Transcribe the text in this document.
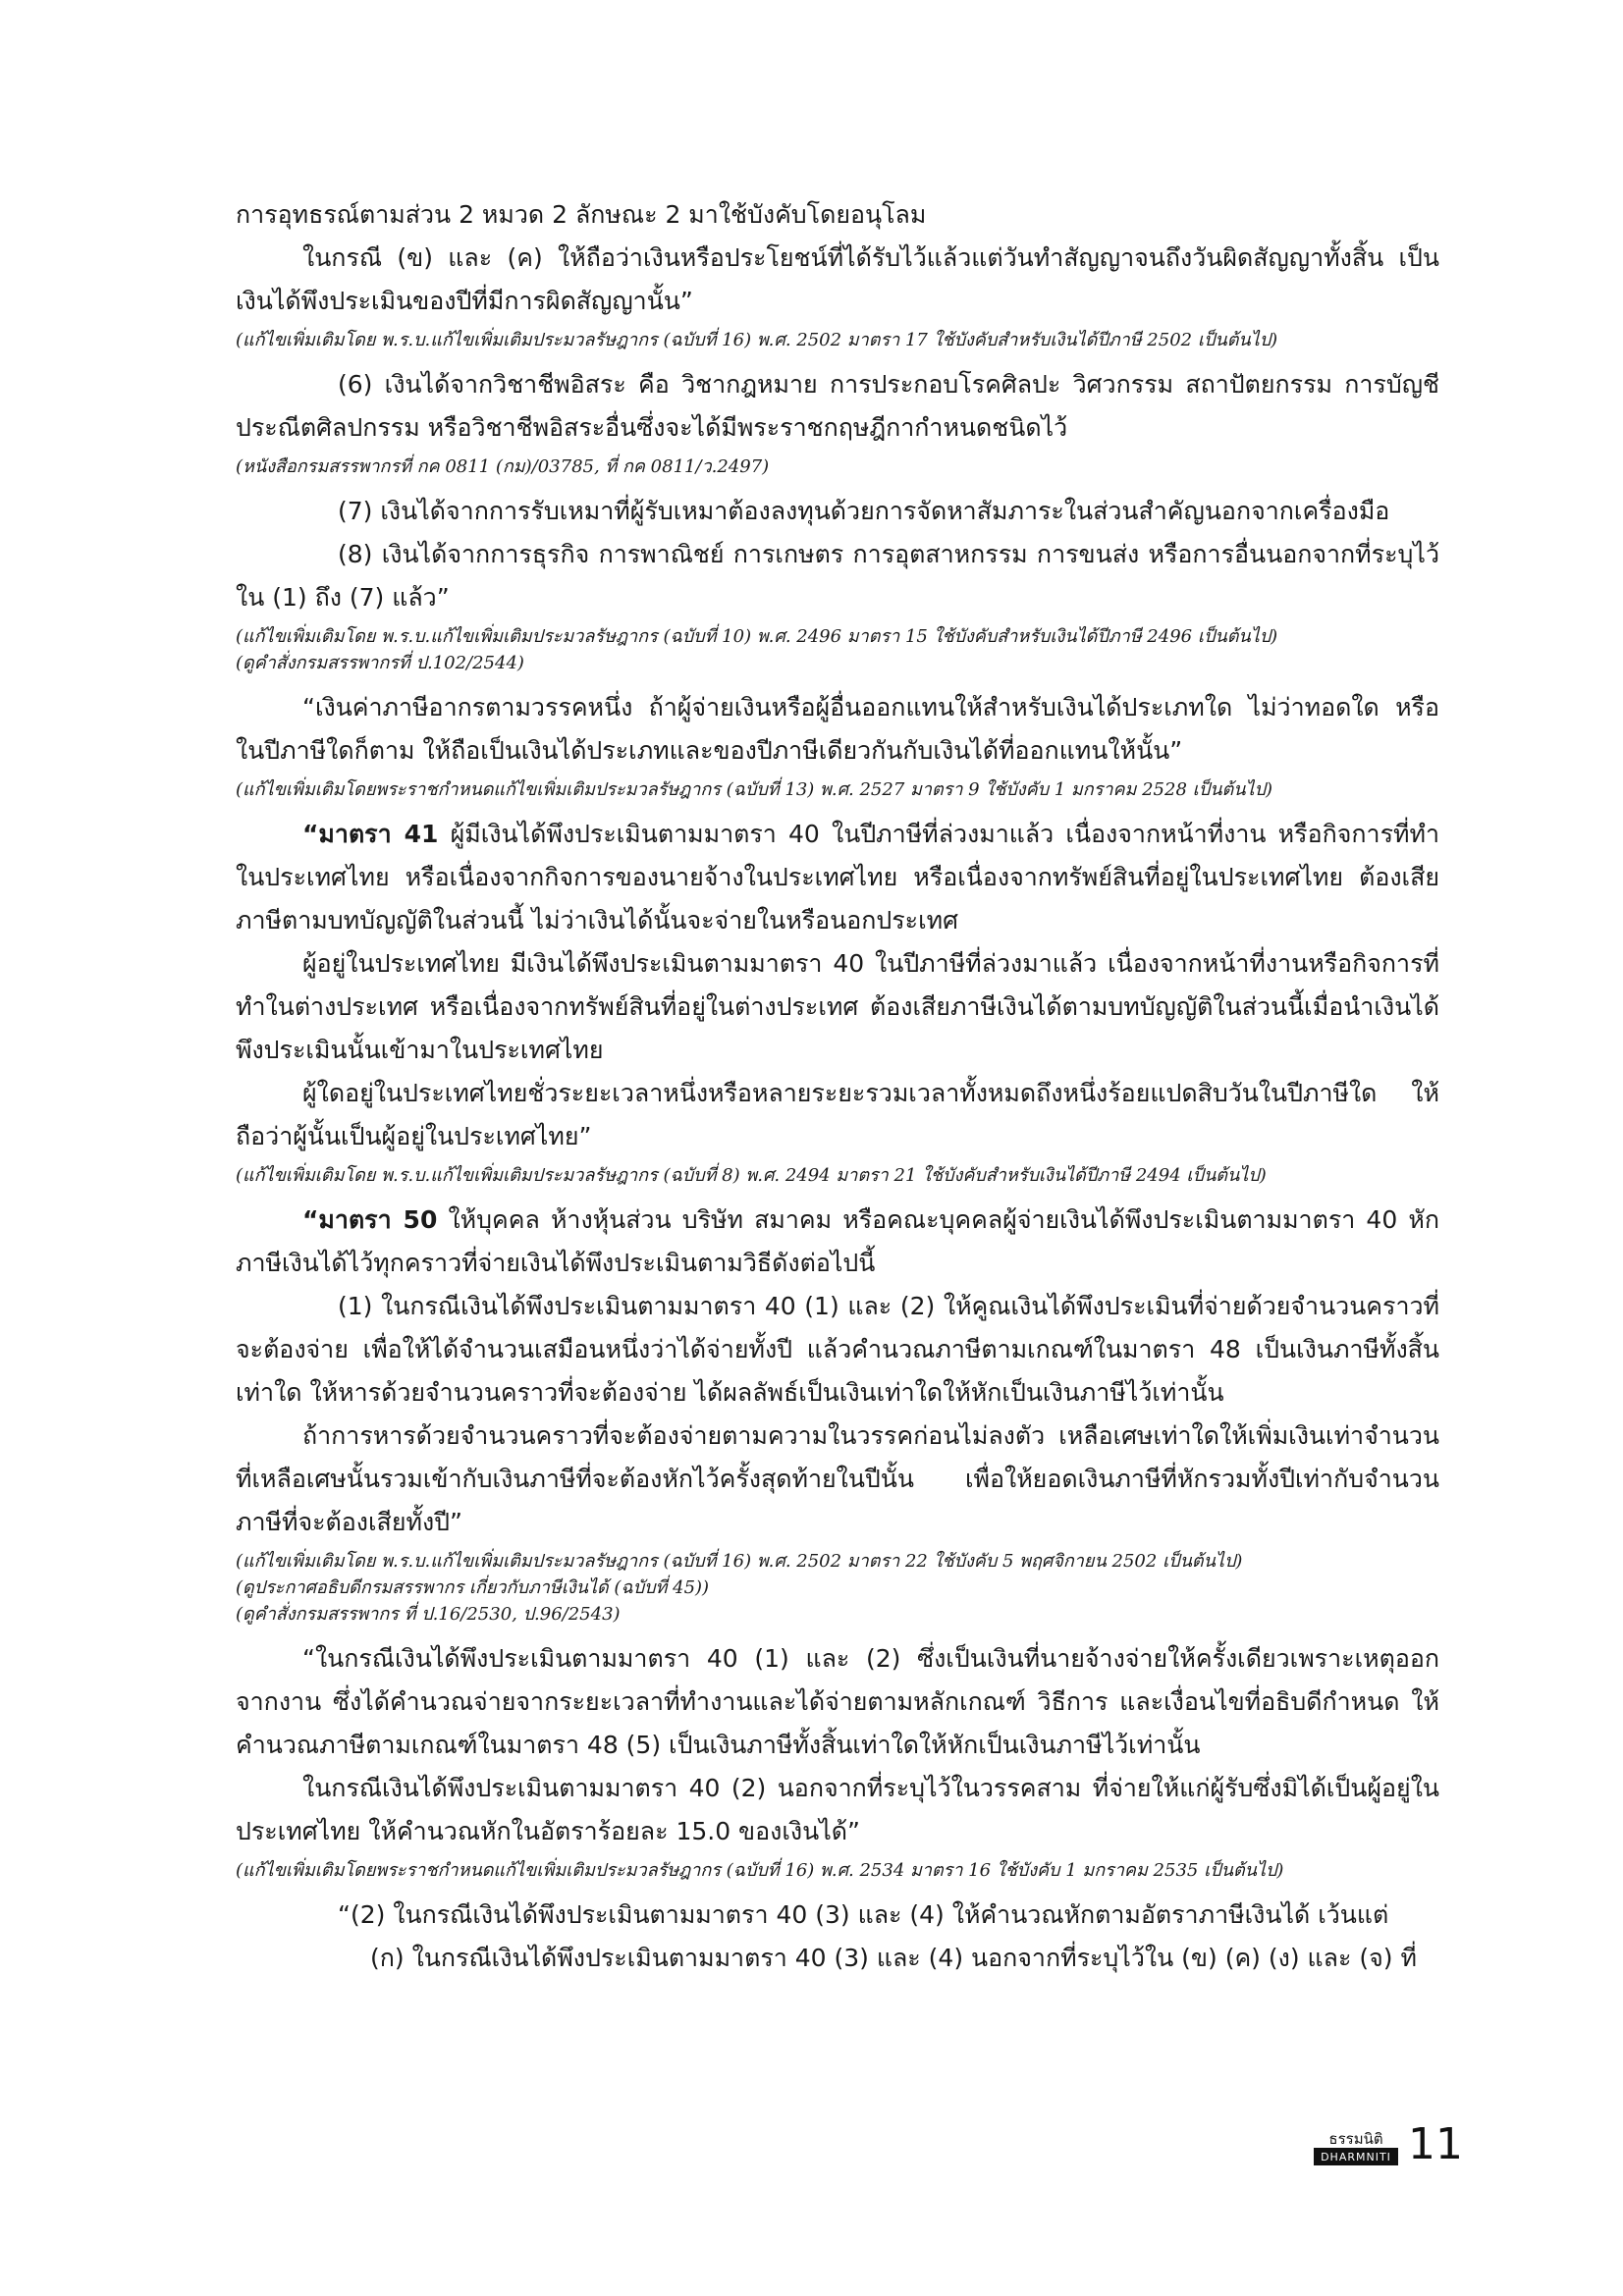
การอุทธรณ์ตามส่วน 2 หมวด 2 ลักษณะ 2 มาใช้บังคับโดยอนุโลม

ในกรณี (ข) และ (ค) ให้ถือว่าเงินหรือประโยชน์ที่ได้รับไว้แล้วแต่วันทำสัญญาจนถึงวันผิดสัญญาทั้งสิ้น เป็นเงินได้พึงประเมินของปีที่มีการผิดสัญญานั้น”

(แก้ไขเพิ่มเติมโดย พ.ร.บ.แก้ไขเพิ่มเติมประมวลรัษฎากร (ฉบับที่ 16) พ.ศ. 2502 มาตรา 17 ใช้บังคับสำหรับเงินได้ปีภาษี 2502 เป็นต้นไป)

(6) เงินได้จากวิชาชีพอิสระ คือ วิชากฎหมาย การประกอบโรคศิลปะ วิศวกรรม สถาปัตยกรรม การบัญชี ประณีตศิลปกรรม หรือวิชาชีพอิสระอื่นซึ่งจะได้มีพระราชกฤษฎีกากำหนดชนิดไว้

(หนังสือกรมสรรพากรที่ กค 0811 (กม)/03785, ที่ กค 0811/ว.2497)

(7) เงินได้จากการรับเหมาที่ผู้รับเหมาต้องลงทุนด้วยการจัดหาสัมภาระในส่วนสำคัญนอกจากเครื่องมือ

(8) เงินได้จากการธุรกิจ การพาณิชย์ การเกษตร การอุตสาหกรรม การขนส่ง หรือการอื่นนอกจากที่ระบุไว้ใน (1) ถึง (7) แล้ว”

(แก้ไขเพิ่มเติมโดย พ.ร.บ.แก้ไขเพิ่มเติมประมวลรัษฎากร (ฉบับที่ 10) พ.ศ. 2496 มาตรา 15 ใช้บังคับสำหรับเงินได้ปีภาษี 2496 เป็นต้นไป)
(ดูคำสั่งกรมสรรพากรที่ ป.102/2544)

“เงินค่าภาษีอากรตามวรรคหนึ่ง ถ้าผู้จ่ายเงินหรือผู้อื่นออกแทนให้สำหรับเงินได้ประเภทใด ไม่ว่าทอดใด หรือในปีภาษีใดก็ตาม ให้ถือเป็นเงินได้ประเภทและของปีภาษีเดียวกันกับเงินได้ที่ออกแทนให้นั้น”

(แก้ไขเพิ่มเติมโดยพระราชกำหนดแก้ไขเพิ่มเติมประมวลรัษฎากร (ฉบับที่ 13) พ.ศ. 2527 มาตรา 9 ใช้บังคับ 1 มกราคม 2528 เป็นต้นไป)

“มาตรา 41 ผู้มีเงินได้พึงประเมินตามมาตรา 40 ในปีภาษีที่ล่วงมาแล้ว เนื่องจากหน้าที่งาน หรือกิจการที่ทำในประเทศไทย หรือเนื่องจากกิจการของนายจ้างในประเทศไทย หรือเนื่องจากทรัพย์สินที่อยู่ในประเทศไทย ต้องเสียภาษีตามบทบัญญัติในส่วนนี้ ไม่ว่าเงินได้นั้นจะจ่ายในหรือนอกประเทศ

ผู้อยู่ในประเทศไทย มีเงินได้พึงประเมินตามมาตรา 40 ในปีภาษีที่ล่วงมาแล้ว เนื่องจากหน้าที่งานหรือกิจการที่ทำในต่างประเทศ หรือเนื่องจากทรัพย์สินที่อยู่ในต่างประเทศ ต้องเสียภาษีเงินได้ตามบทบัญญัติในส่วนนี้เมื่อนำเงินได้พึงประเมินนั้นเข้ามาในประเทศไทย

ผู้ใดอยู่ในประเทศไทยชั่วระยะเวลาหนึ่งหรือหลายระยะรวมเวลาทั้งหมดถึงหนึ่งร้อยแปดสิบวันในปีภาษีใด ให้ถือว่าผู้นั้นเป็นผู้อยู่ในประเทศไทย”

(แก้ไขเพิ่มเติมโดย พ.ร.บ.แก้ไขเพิ่มเติมประมวลรัษฎากร (ฉบับที่ 8) พ.ศ. 2494 มาตรา 21 ใช้บังคับสำหรับเงินได้ปีภาษี 2494 เป็นต้นไป)

“มาตรา 50 ให้บุคคล ห้างหุ้นส่วน บริษัท สมาคม หรือคณะบุคคลผู้จ่ายเงินได้พึงประเมินตามมาตรา 40 หักภาษีเงินได้ไว้ทุกคราวที่จ่ายเงินได้พึงประเมินตามวิธีดังต่อไปนี้

(1) ในกรณีเงินได้พึงประเมินตามมาตรา 40 (1) และ (2) ให้คูณเงินได้พึงประเมินที่จ่ายด้วยจำนวนคราวที่จะต้องจ่าย เพื่อให้ได้จำนวนเสมือนหนึ่งว่าได้จ่ายทั้งปี แล้วคำนวณภาษีตามเกณฑ์ในมาตรา 48 เป็นเงินภาษีทั้งสิ้นเท่าใด ให้หารด้วยจำนวนคราวที่จะต้องจ่าย ได้ผลลัพธ์เป็นเงินเท่าใดให้หักเป็นเงินภาษีไว้เท่านั้น

ถ้าการหารด้วยจำนวนคราวที่จะต้องจ่ายตามความในวรรคก่อนไม่ลงตัว เหลือเศษเท่าใดให้เพิ่มเงินเท่าจำนวนที่เหลือเศษนั้นรวมเข้ากับเงินภาษีที่จะต้องหักไว้ครั้งสุดท้ายในปีนั้น เพื่อให้ยอดเงินภาษีที่หักรวมทั้งปีเท่ากับจำนวนภาษีที่จะต้องเสียทั้งปี”

(แก้ไขเพิ่มเติมโดย พ.ร.บ.แก้ไขเพิ่มเติมประมวลรัษฎากร (ฉบับที่ 16) พ.ศ. 2502 มาตรา 22 ใช้บังคับ 5 พฤศจิกายน 2502 เป็นต้นไป)
(ดูประกาศอธิบดีกรมสรรพากร เกี่ยวกับภาษีเงินได้ (ฉบับที่ 45))
(ดูคำสั่งกรมสรรพากร ที่ ป.16/2530, ป.96/2543)

“ในกรณีเงินได้พึงประเมินตามมาตรา 40 (1) และ (2) ซึ่งเป็นเงินที่นายจ้างจ่ายให้ครั้งเดียวเพราะเหตุออกจากงาน ซึ่งได้คำนวณจ่ายจากระยะเวลาที่ทำงานและได้จ่ายตามหลักเกณฑ์ วิธีการ และเงื่อนไขที่อธิบดีกำหนด ให้คำนวณภาษีตามเกณฑ์ในมาตรา 48 (5) เป็นเงินภาษีทั้งสิ้นเท่าใดให้หักเป็นเงินภาษีไว้เท่านั้น

ในกรณีเงินได้พึงประเมินตามมาตรา 40 (2) นอกจากที่ระบุไว้ในวรรคสาม ที่จ่ายให้แก่ผู้รับซึ่งมิได้เป็นผู้อยู่ในประเทศไทย ให้คำนวณหักในอัตราร้อยละ 15.0 ของเงินได้”

(แก้ไขเพิ่มเติมโดยพระราชกำหนดแก้ไขเพิ่มเติมประมวลรัษฎากร (ฉบับที่ 16) พ.ศ. 2534 มาตรา 16 ใช้บังคับ 1 มกราคม 2535 เป็นต้นไป)

“(2) ในกรณีเงินได้พึงประเมินตามมาตรา 40 (3) และ (4) ให้คำนวณหักตามอัตราภาษีเงินได้ เว้นแต่

(ก) ในกรณีเงินได้พึงประเมินตามมาตรา 40 (3) และ (4) นอกจากที่ระบุไว้ใน (ข) (ค) (ง) และ (จ) ที่

ธรรมนิติ
DHARMNITI 11
